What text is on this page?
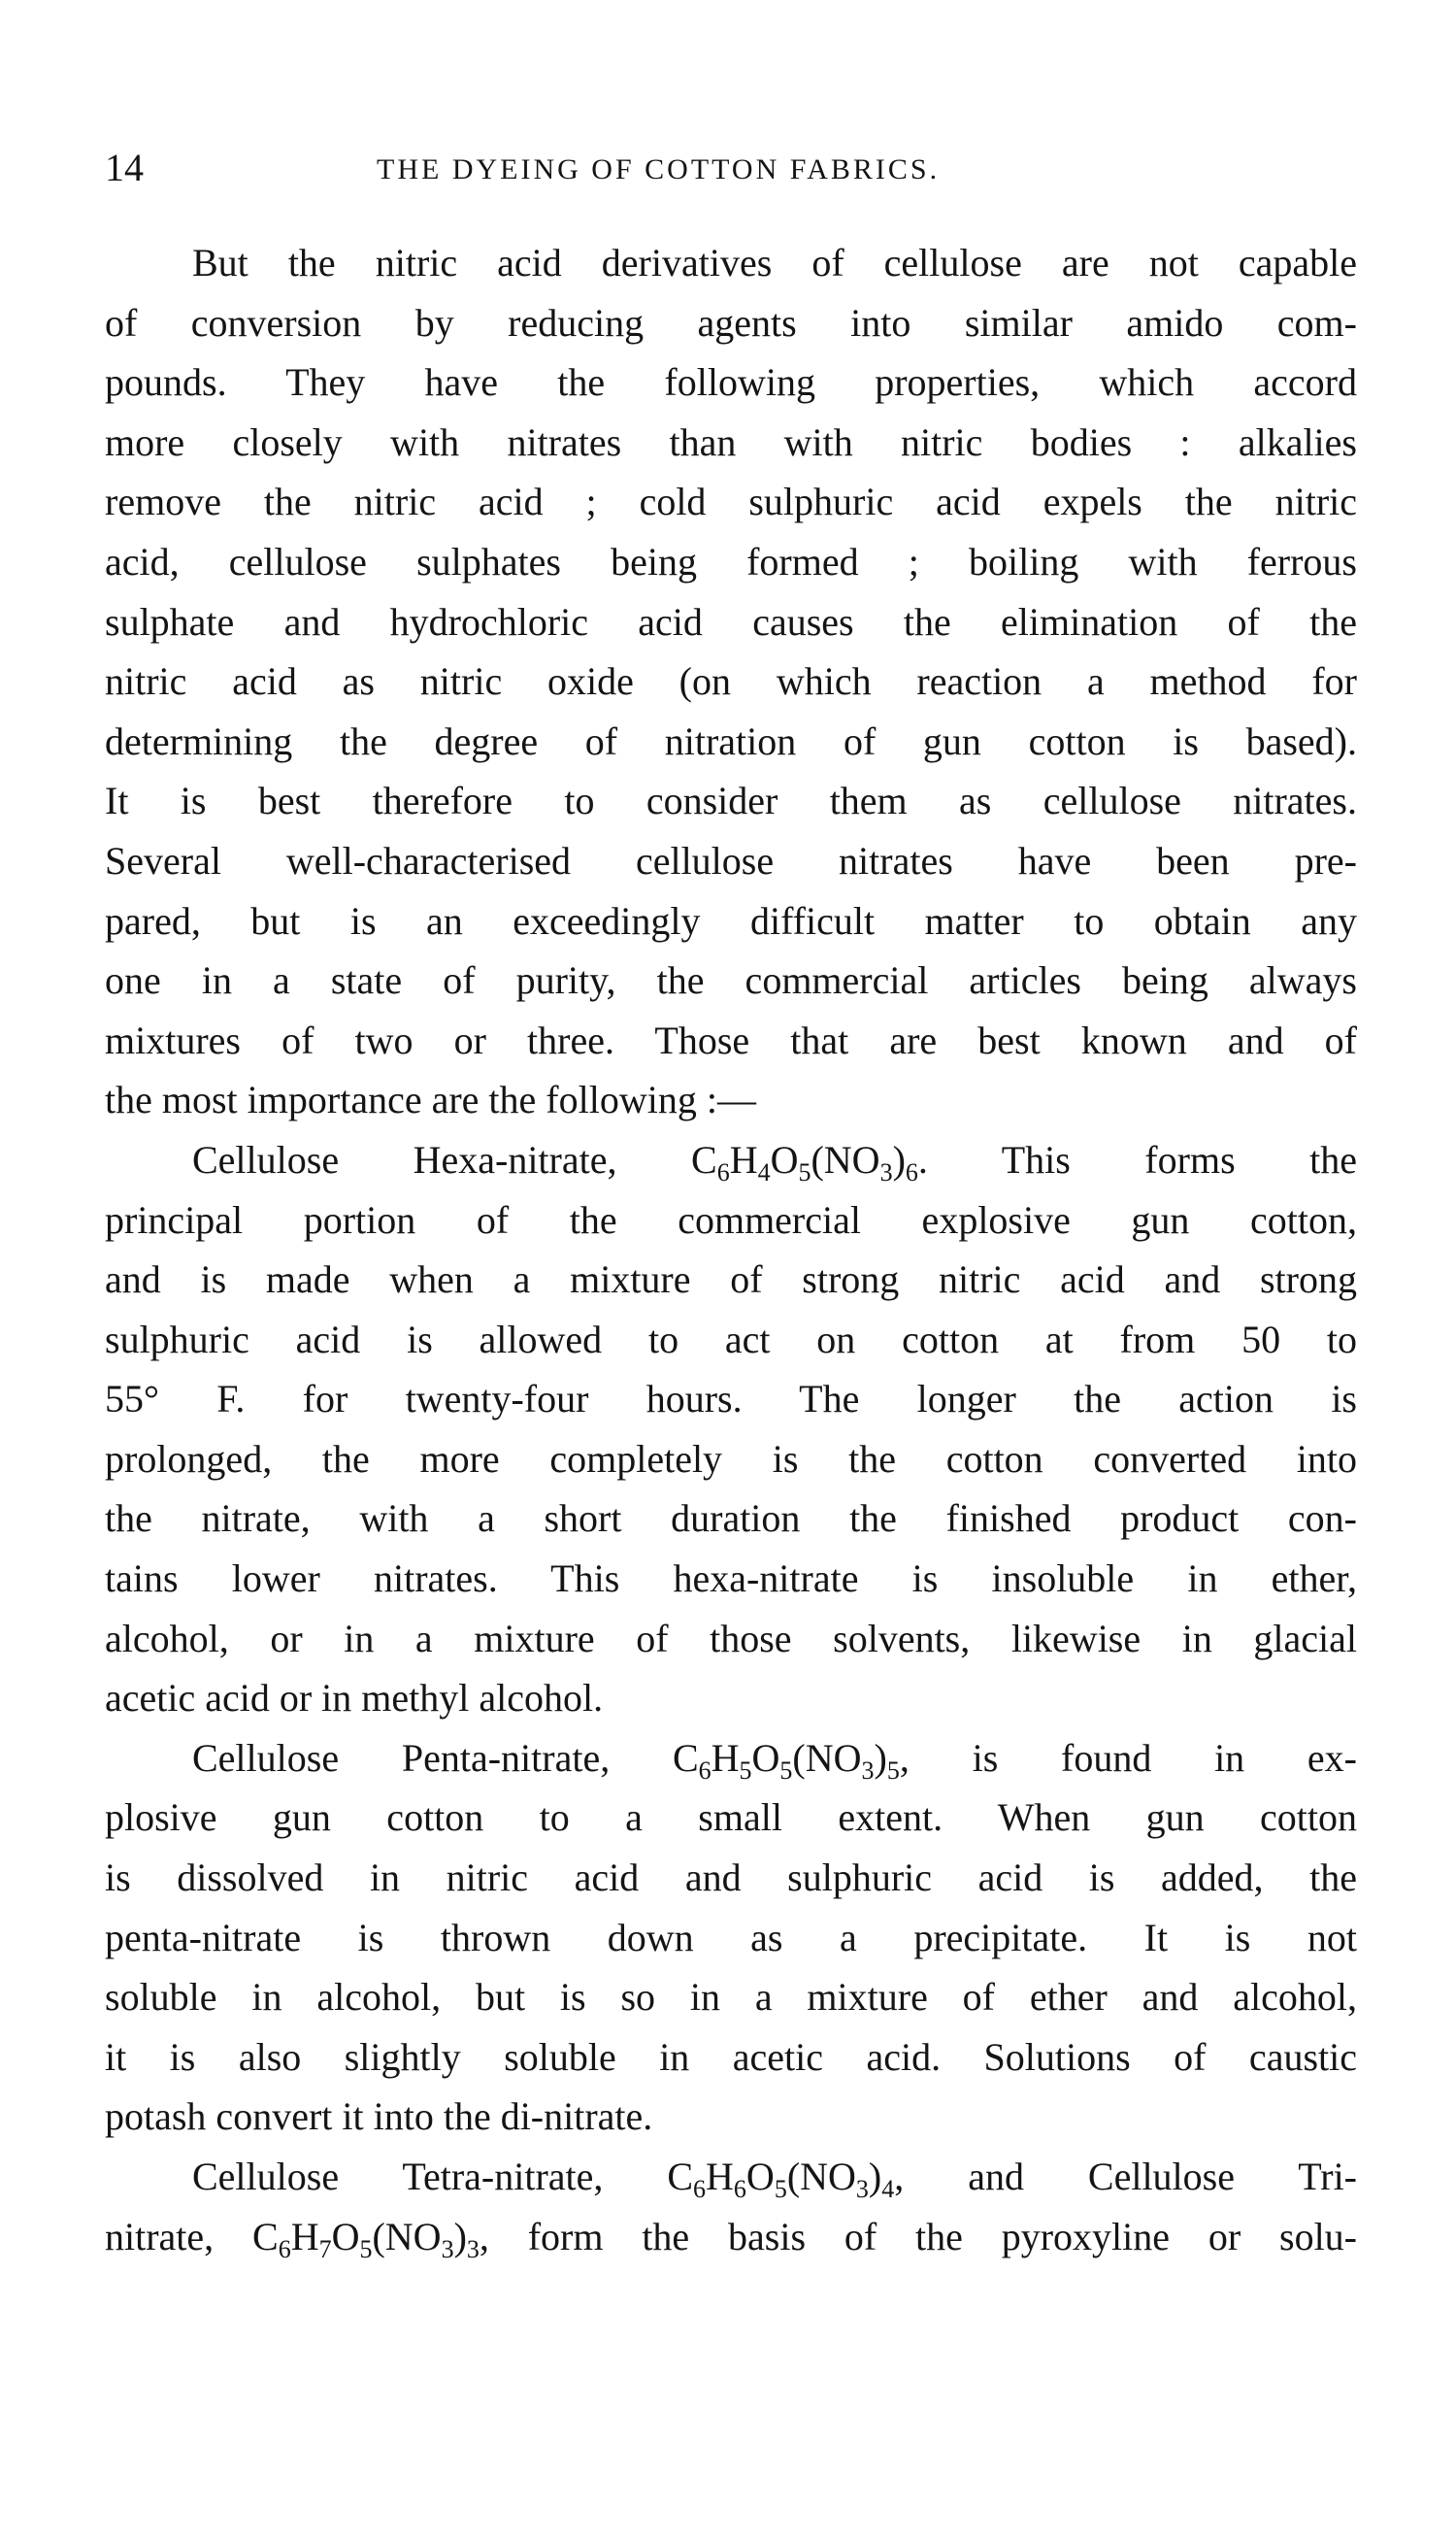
14	THE DYEING OF COTTON FABRICS.
But the nitric acid derivatives of cellulose are not capable
of conversion by reducing agents into similar amido com-
pounds. They have the following properties, which accord
more closely with nitrates than with nitric bodies : alkalies
remove the nitric acid ; cold sulphuric acid expels the nitric
acid, cellulose sulphates being formed ; boiling with ferrous
sulphate and hydrochloric acid causes the elimination of the
nitric acid as nitric oxide (on which reaction a method for
determining the degree of nitration of gun cotton is based).
It is best therefore to consider them as cellulose nitrates.
Several well-characterised cellulose nitrates have been pre-
pared, but is an exceedingly difficult matter to obtain any
one in a state of purity, the commercial articles being always
mixtures of two or three. Those that are best known and of
the most importance are the following :—
Cellulose Hexa-nitrate, $C_6H_4O_5(NO_3)_6$. This forms the
principal portion of the commercial explosive gun cotton,
and is made when a mixture of strong nitric acid and strong
sulphuric acid is allowed to act on cotton at from 50 to
55° F. for twenty-four hours. The longer the action is
prolonged, the more completely is the cotton converted into
the nitrate, with a short duration the finished product con-
tains lower nitrates. This hexa-nitrate is insoluble in ether,
alcohol, or in a mixture of those solvents, likewise in glacial
acetic acid or in methyl alcohol.
Cellulose Penta-nitrate, $C_6H_5O_5(NO_3)_5$, is found in ex-
plosive gun cotton to a small extent. When gun cotton
is dissolved in nitric acid and sulphuric acid is added, the
penta-nitrate is thrown down as a precipitate. It is not
soluble in alcohol, but is so in a mixture of ether and alcohol,
it is also slightly soluble in acetic acid. Solutions of caustic
potash convert it into the di-nitrate.
Cellulose Tetra-nitrate, $C_6H_6O_5(NO_3)_4$, and Cellulose Tri-
nitrate, $C_6H_7O_5(NO_3)_3$, form the basis of the pyroxyline or solu-
